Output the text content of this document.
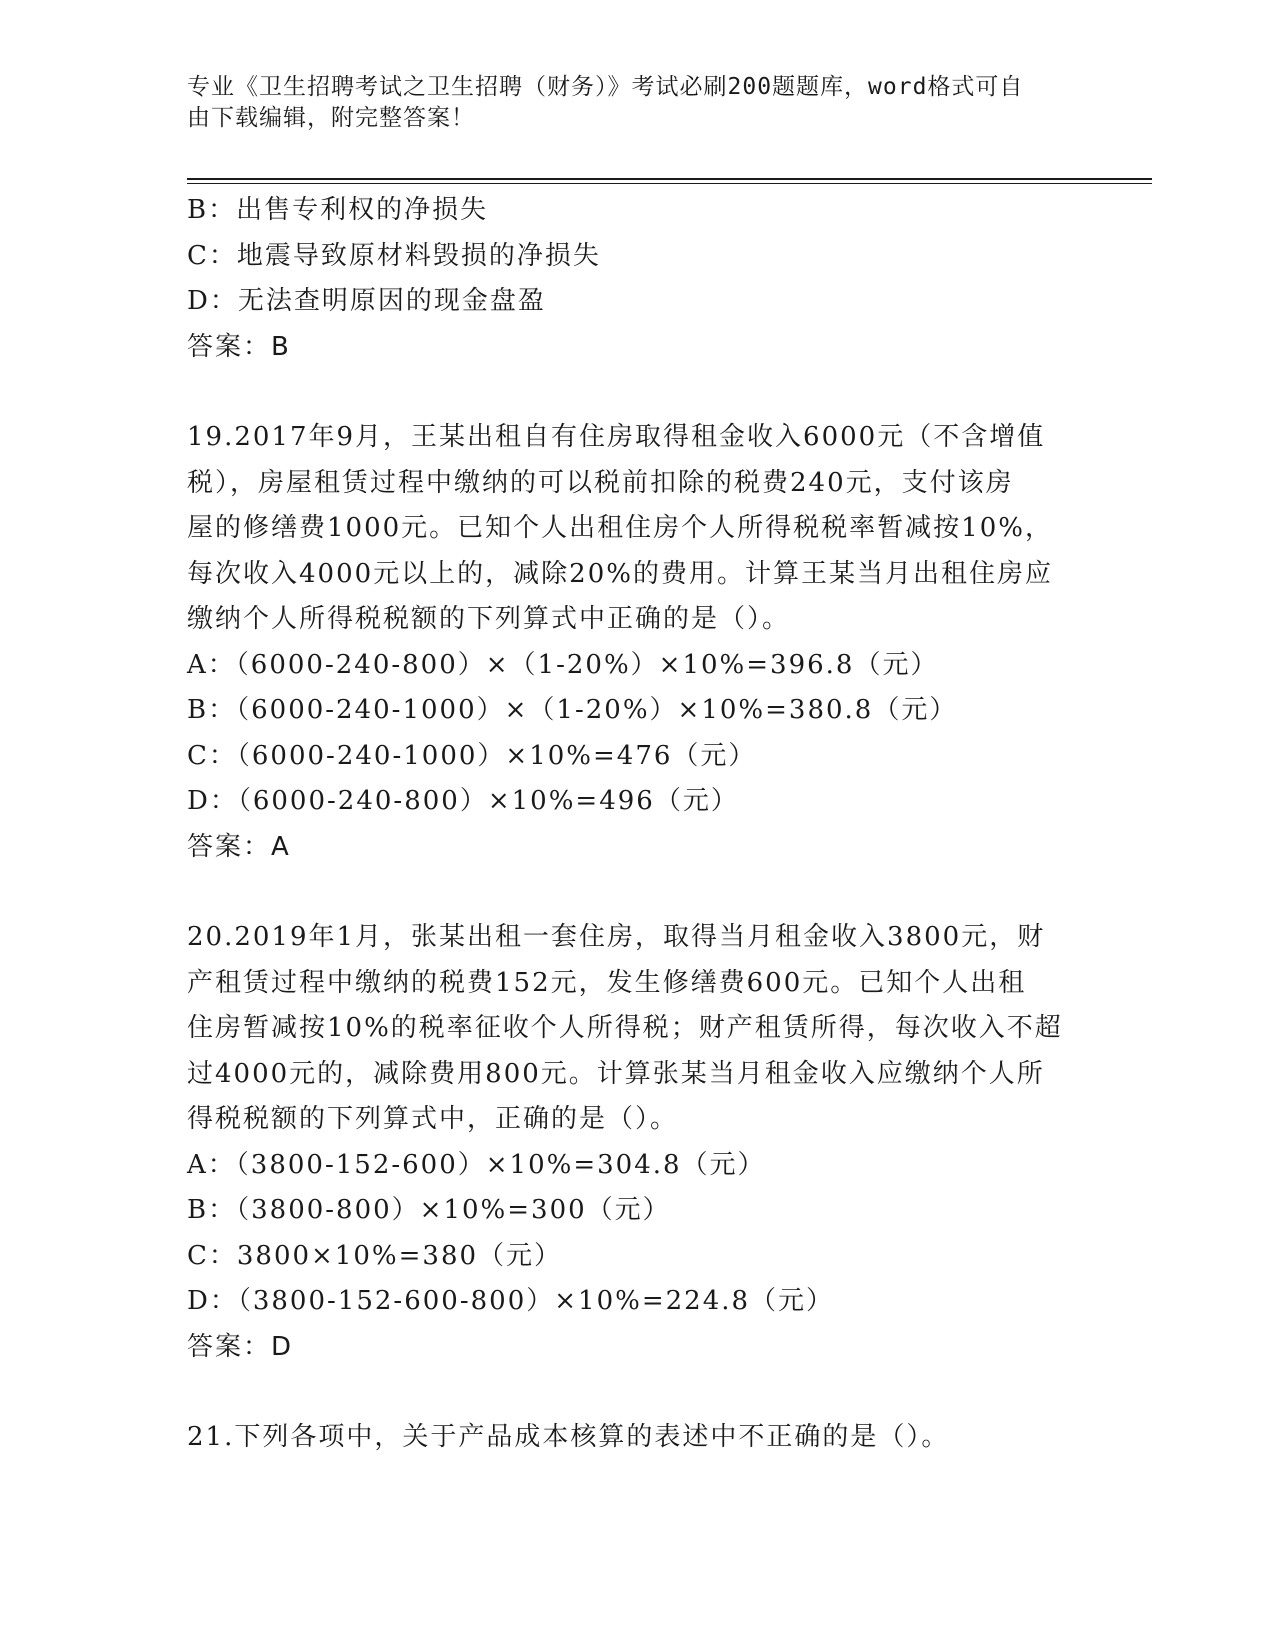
专业《卫生招聘考试之卫生招聘（财务）》考试必刷200题题库，word格式可自
由下载编辑，附完整答案！
B：出售专利权的净损失
C：地震导致原材料毁损的净损失
D：无法查明原因的现金盘盈
答案：B
19.2017年9月，王某出租自有住房取得租金收入6000元（不含增值
税），房屋租赁过程中缴纳的可以税前扣除的税费240元，支付该房
屋的修缮费1000元。已知个人出租住房个人所得税税率暂减按10%，
每次收入4000元以上的，减除20%的费用。计算王某当月出租住房应
缴纳个人所得税税额的下列算式中正确的是（）。
A：（6000-240-800）×（1-20%）×10%=396.8（元）
B：（6000-240-1000）×（1-20%）×10%=380.8（元）
C：（6000-240-1000）×10%=476（元）
D：（6000-240-800）×10%=496（元）
答案：A
20.2019年1月，张某出租一套住房，取得当月租金收入3800元，财
产租赁过程中缴纳的税费152元，发生修缮费600元。已知个人出租
住房暂减按10%的税率征收个人所得税；财产租赁所得，每次收入不超
过4000元的，减除费用800元。计算张某当月租金收入应缴纳个人所
得税税额的下列算式中，正确的是（）。
A：（3800-152-600）×10%=304.8（元）
B：（3800-800）×10%=300（元）
C：3800×10%=380（元）
D：（3800-152-600-800）×10%=224.8（元）
答案：D
21.下列各项中，关于产品成本核算的表述中不正确的是（）。
